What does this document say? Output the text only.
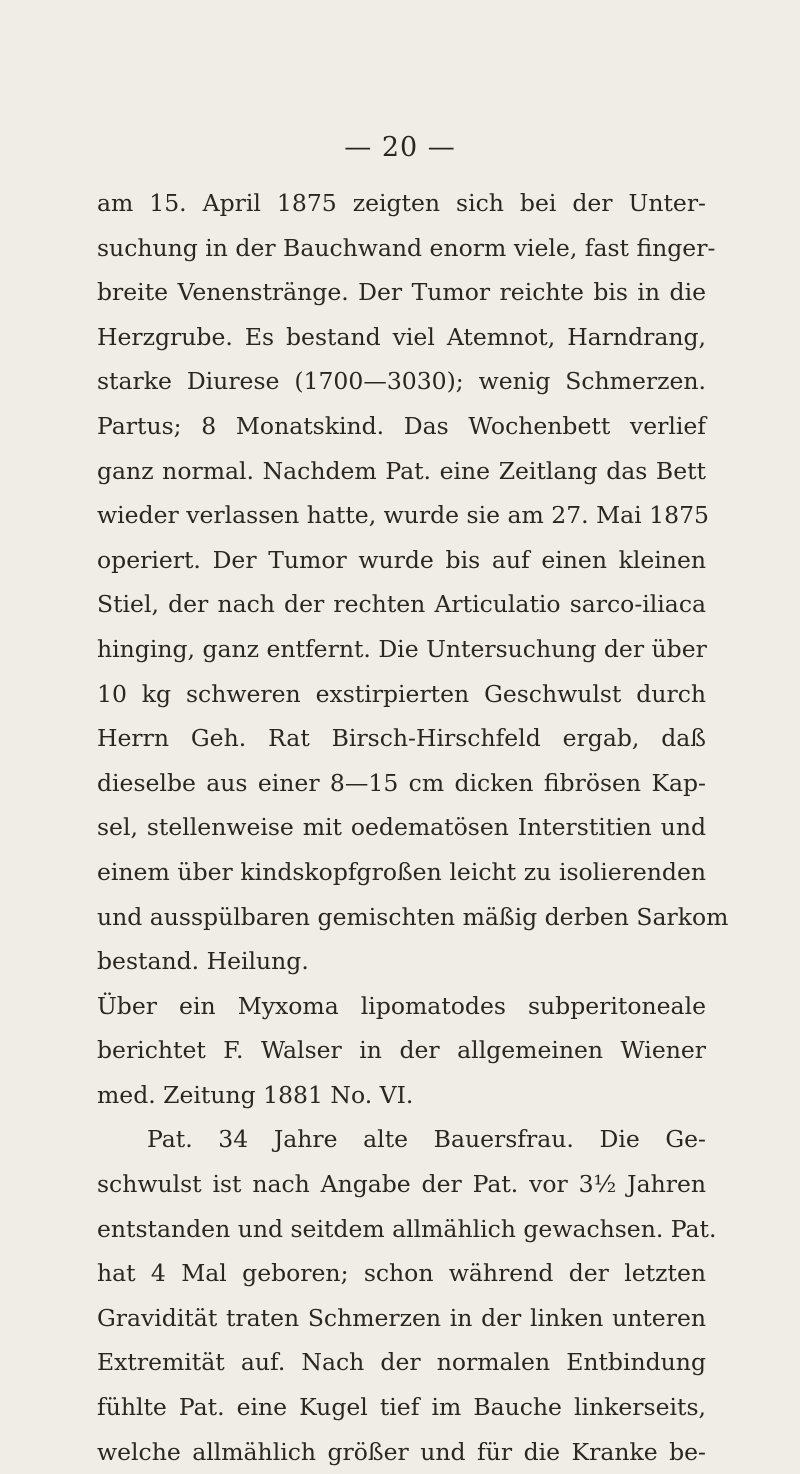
— 20 —
am 15. April 1875 zeigten sich bei der Unter-
suchung in der Bauchwand enorm viele, fast finger-
breite Venenstränge. Der Tumor reichte bis in die
Herzgrube. Es bestand viel Atemnot, Harndrang,
starke Diurese (1700—3030); wenig Schmerzen.
Partus; 8 Monatskind. Das Wochenbett verlief
ganz normal. Nachdem Pat. eine Zeitlang das Bett
wieder verlassen hatte, wurde sie am 27. Mai 1875
operiert. Der Tumor wurde bis auf einen kleinen
Stiel, der nach der rechten Articulatio sarco-iliaca
hinging, ganz entfernt. Die Untersuchung der über
10 kg schweren exstirpierten Geschwulst durch
Herrn Geh. Rat Birsch-Hirschfeld ergab, daß
dieselbe aus einer 8—15 cm dicken fibrösen Kap-
sel, stellenweise mit oedematösen Interstitien und
einem über kindskopfgroßen leicht zu isolierenden
und ausspülbaren gemischten mäßig derben Sarkom
bestand. Heilung.
Über ein Myxoma lipomatodes subperitoneale
berichtet F. Walser in der allgemeinen Wiener
med. Zeitung 1881 No. VI.
Pat. 34 Jahre alte Bauersfrau. Die Ge-
schwulst ist nach Angabe der Pat. vor 3½ Jahren
entstanden und seitdem allmählich gewachsen. Pat.
hat 4 Mal geboren; schon während der letzten
Gravidität traten Schmerzen in der linken unteren
Extremität auf. Nach der normalen Entbindung
fühlte Pat. eine Kugel tief im Bauche linkerseits,
welche allmählich größer und für die Kranke be-
